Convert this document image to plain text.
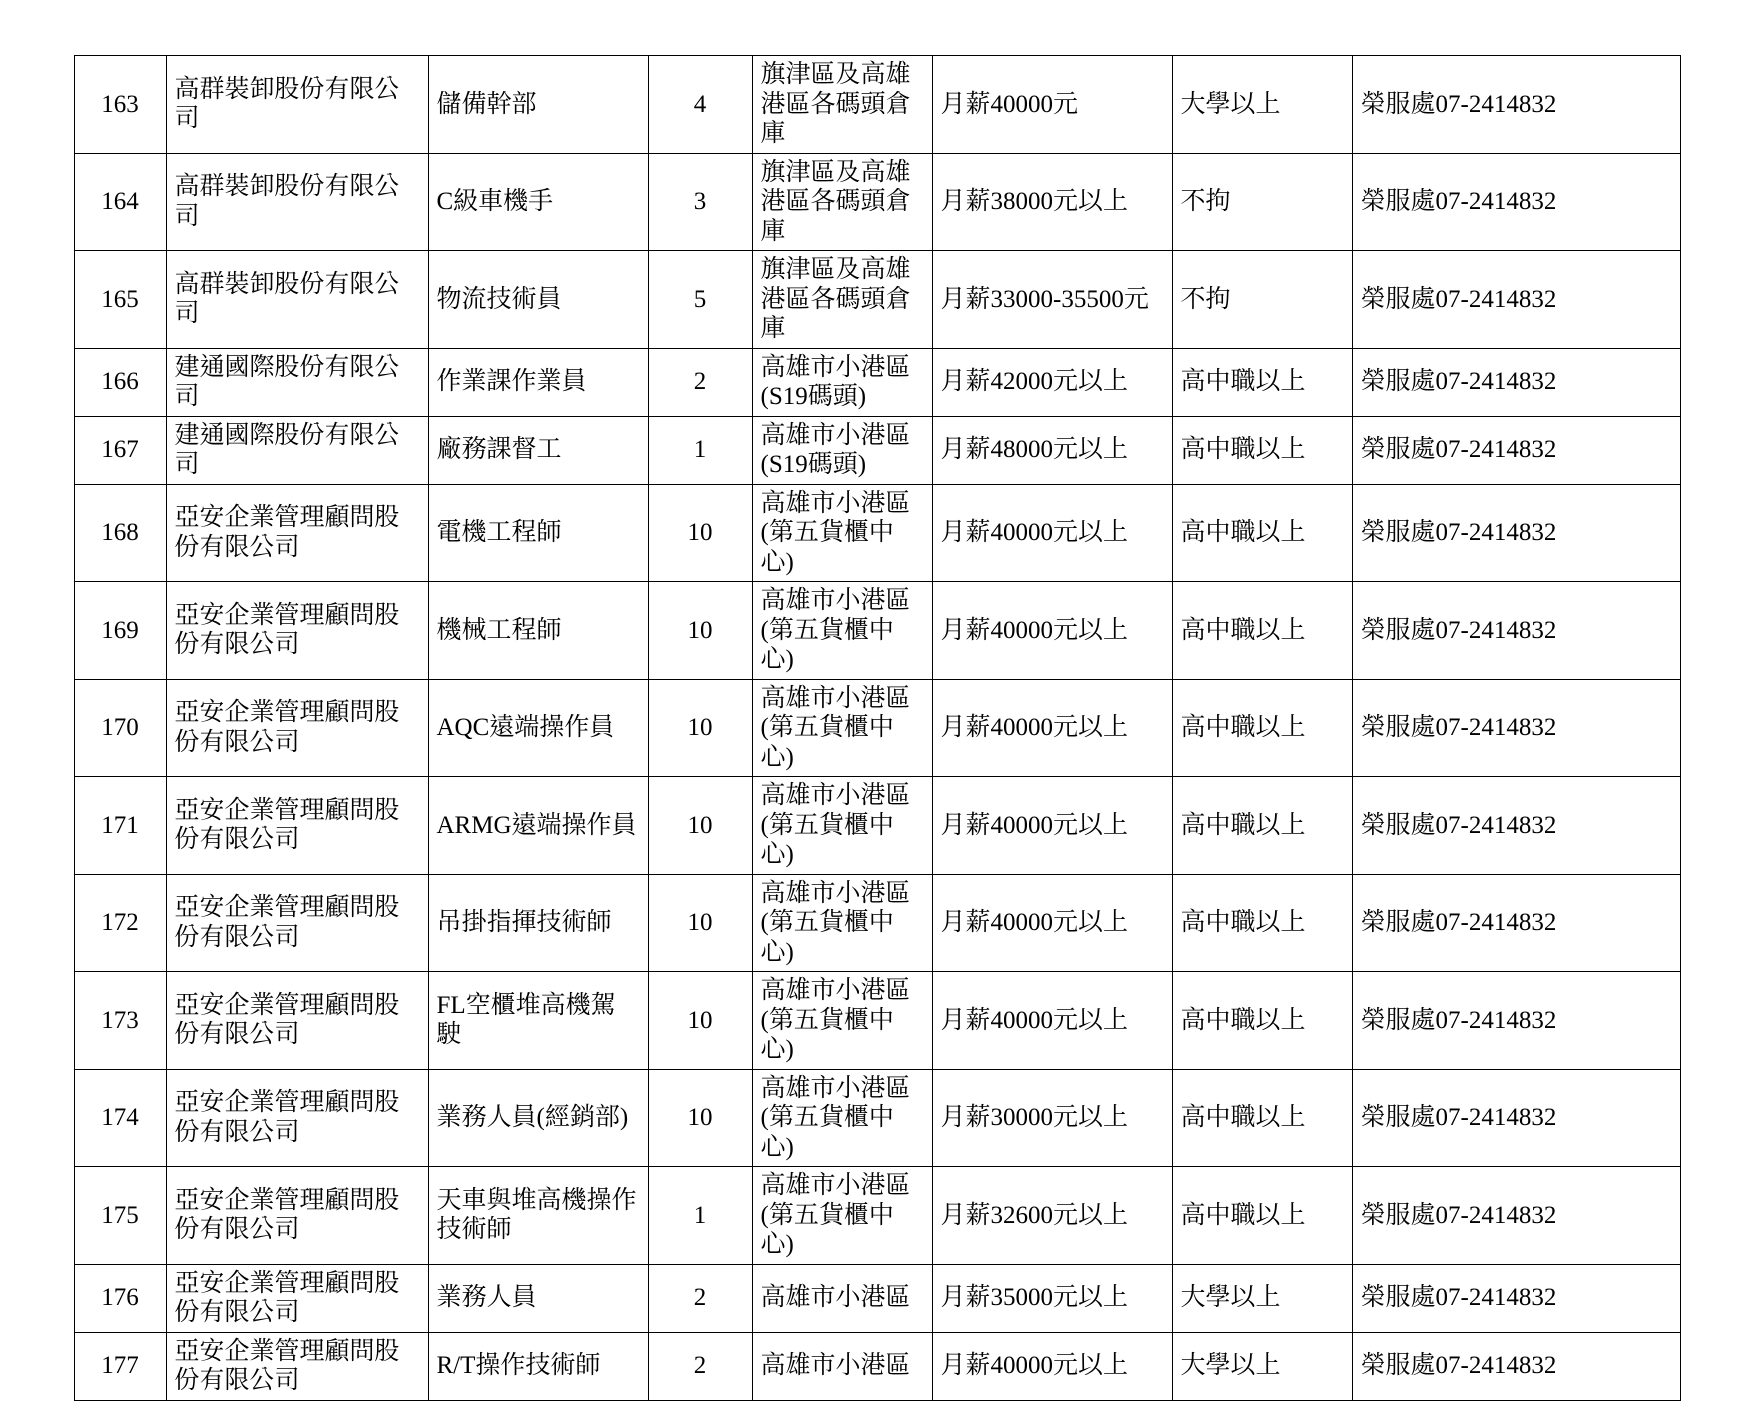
163	高群裝卸股份有限公司	儲備幹部	4	旗津區及高雄港區各碼頭倉庫	月薪40000元	大學以上	榮服處07-2414832
164	高群裝卸股份有限公司	C級車機手	3	旗津區及高雄港區各碼頭倉庫	月薪38000元以上	不拘	榮服處07-2414832
165	高群裝卸股份有限公司	物流技術員	5	旗津區及高雄港區各碼頭倉庫	月薪33000-35500元	不拘	榮服處07-2414832
166	建通國際股份有限公司	作業課作業員	2	高雄市小港區(S19碼頭)	月薪42000元以上	高中職以上	榮服處07-2414832
167	建通國際股份有限公司	廠務課督工	1	高雄市小港區(S19碼頭)	月薪48000元以上	高中職以上	榮服處07-2414832
168	亞安企業管理顧問股份有限公司	電機工程師	10	高雄市小港區(第五貨櫃中心)	月薪40000元以上	高中職以上	榮服處07-2414832
169	亞安企業管理顧問股份有限公司	機械工程師	10	高雄市小港區(第五貨櫃中心)	月薪40000元以上	高中職以上	榮服處07-2414832
170	亞安企業管理顧問股份有限公司	AQC遠端操作員	10	高雄市小港區(第五貨櫃中心)	月薪40000元以上	高中職以上	榮服處07-2414832
171	亞安企業管理顧問股份有限公司	ARMG遠端操作員	10	高雄市小港區(第五貨櫃中心)	月薪40000元以上	高中職以上	榮服處07-2414832
172	亞安企業管理顧問股份有限公司	吊掛指揮技術師	10	高雄市小港區(第五貨櫃中心)	月薪40000元以上	高中職以上	榮服處07-2414832
173	亞安企業管理顧問股份有限公司	FL空櫃堆高機駕駛	10	高雄市小港區(第五貨櫃中心)	月薪40000元以上	高中職以上	榮服處07-2414832
174	亞安企業管理顧問股份有限公司	業務人員(經銷部)	10	高雄市小港區(第五貨櫃中心)	月薪30000元以上	高中職以上	榮服處07-2414832
175	亞安企業管理顧問股份有限公司	天車與堆高機操作技術師	1	高雄市小港區(第五貨櫃中心)	月薪32600元以上	高中職以上	榮服處07-2414832
176	亞安企業管理顧問股份有限公司	業務人員	2	高雄市小港區	月薪35000元以上	大學以上	榮服處07-2414832
177	亞安企業管理顧問股份有限公司	R/T操作技術師	2	高雄市小港區	月薪40000元以上	大學以上	榮服處07-2414832
